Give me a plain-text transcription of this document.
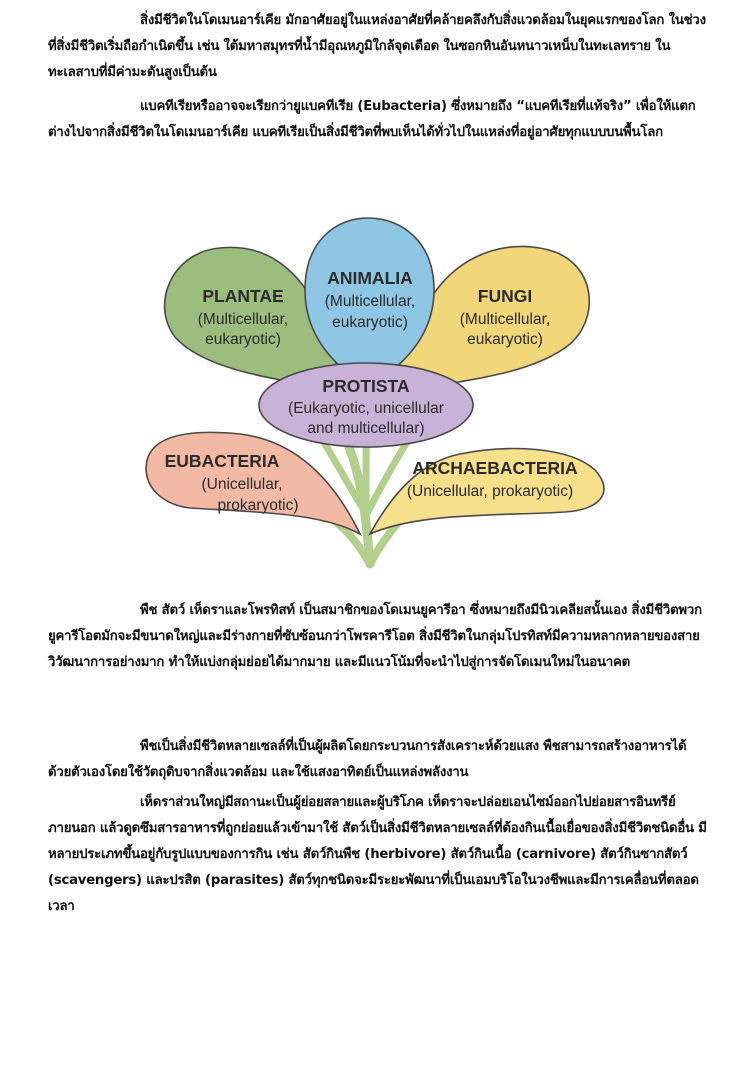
สิ่งมีชีวิตในโดเมนอาร์เคีย มักอาศัยอยู่ในแหล่งอาศัยที่คล้ายคลึงกับสิ่งแวดล้อมในยุคแรกของโลก ในช่วงที่สิ่งมีชีวิตเริ่มถือกำเนิดขึ้น เช่น ใต้มหาสมุทรที่น้ำมีอุณหภูมิใกล้จุดเดือด ในซอกหินอันหนาวเหน็บในทะเลทราย ในทะเลสาบที่มีค่ามะดันสูงเป็นต้น
แบคทีเรียหรืออาจจะเรียกว่ายูแบคทีเรีย (Eubacteria) ซึ่งหมายถึง “แบคทีเรียที่แท้จริง” เพื่อให้แตกต่างไปจากสิ่งมีชีวิตในโดเมนอาร์เคีย แบคทีเรียเป็นสิ่งมีชีวิตที่พบเห็นได้ทั่วไปในแหล่งที่อยู่อาศัยทุกแบบบนพื้นโลก
PLANTAE
(Multicellular,
eukaryotic)
FUNGI
(Multicellular,
eukaryotic)
ANIMALIA
(Multicellular,
eukaryotic)
PROTISTA
(Eukaryotic, unicellular
and multicellular)
EUBACTERIA
(Unicellular,
prokaryotic)
ARCHAEBACTERIA
(Unicellular, prokaryotic)
พืช สัตว์ เห็ดราและโพรทิสท์ เป็นสมาชิกของโดเมนยูคารีอา ซึ่งหมายถึงมีนิวเคลียสนั้นเอง สิ่งมีชีวิตพวกยูคารีโอตมักจะมีขนาดใหญ่และมีร่างกายที่ซับซ้อนกว่าโพรคารีโอต สิ่งมีชีวิตในกลุ่มโปรทิสท์มีความหลากหลายของสายวิวัฒนาการอย่างมาก ทำให้แบ่งกลุ่มย่อยได้มากมาย และมีแนวโน้มที่จะนำไปสู่การจัดโดเมนใหม่ในอนาคต
พืชเป็นสิ่งมีชีวิตหลายเซลล์ที่เป็นผู้ผลิตโดยกระบวนการสังเคราะห์ด้วยแสง พืชสามารถสร้างอาหารได้ด้วยตัวเองโดยใช้วัตถุดิบจากสิ่งแวดล้อม และใช้แสงอาทิตย์เป็นแหล่งพลังงาน
เห็ดราส่วนใหญ่มีสถานะเป็นผู้ย่อยสลายและผู้บริโภค เห็ดราจะปล่อยเอนไซม์ออกไปย่อยสารอินทรีย์ภายนอก แล้วดูดซึมสารอาหารที่ถูกย่อยแล้วเข้ามาใช้ สัตว์เป็นสิ่งมีชีวิตหลายเซลล์ที่ต้องกินเนื้อเยื่อของสิ่งมีชีวิตชนิดอื่น มีหลายประเภทขึ้นอยู่กับรูปแบบของการกิน เช่น สัตว์กินพืช (herbivore) สัตว์กินเนื้อ (carnivore) สัตว์กินซากสัตว์ (scavengers) และปรสิต (parasites) สัตว์ทุกชนิดจะมีระยะพัฒนาที่เป็นเอมบริโอในวงชีพและมีการเคลื่อนที่ตลอดเวลา
